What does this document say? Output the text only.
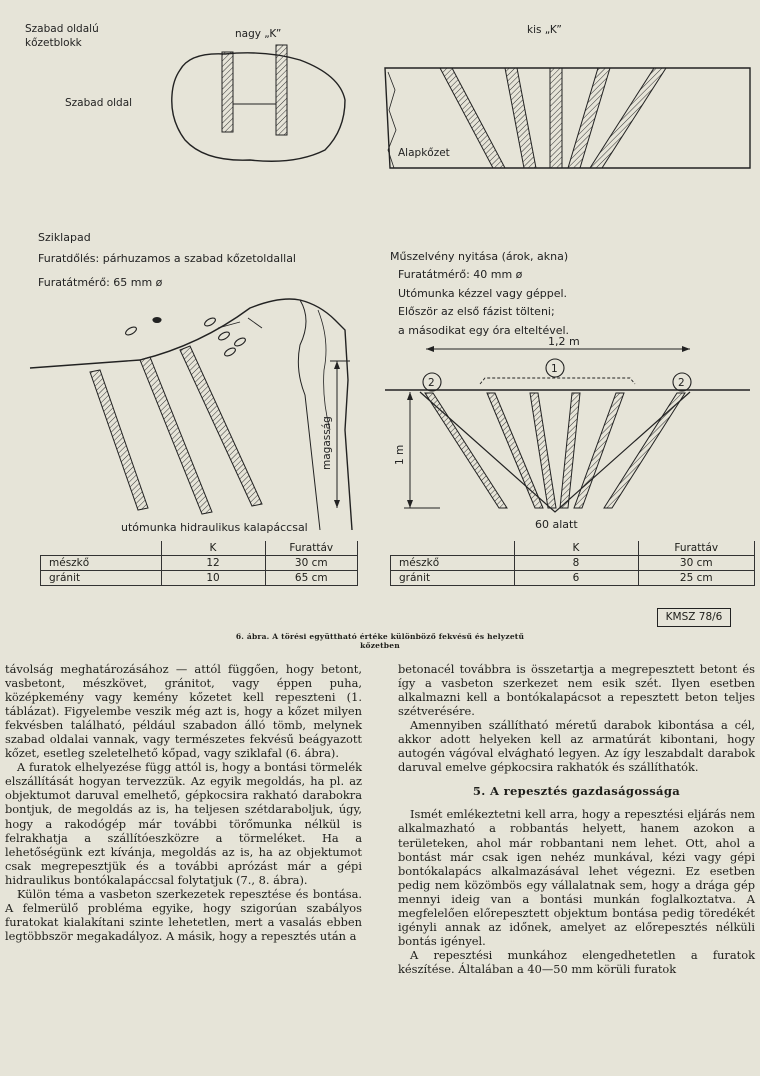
Szabad oldalú
kőzetblokk
Szabad oldal
nagy „K”	kis „K”
Alapkőzet
Sziklapad
Furatdőlés: párhuzamos a szabad kőzetoldallal
Furatátmérő: 65 mm ø
magasság
utómunka hidraulikus kalapáccsal
Műszelvény nyitása (árok, akna)
Furatátmérő: 40 mm ø
Utómunka kézzel vagy géppel.
Először az első fázist tölteni;
a másodikat egy óra elteltével.
1,2 m
1
2	2
1 m
60 alatt
	K	Furattáv
mészkő	12	30 cm
gránit	10	65 cm
	K	Furattáv
mészkő	8	30 cm
gránit	6	25 cm
KMSZ 78/6
6. ábra. A törési együttható értéke különböző fekvésű és helyzetű
kőzetben

távolság meghatározásához — attól függően, hogy betont, vasbetont, mészkövet, gránitot, vagy éppen puha, középkemény vagy kemény kőzetet kell repeszteni (1. táblázat). Figyelembe veszik még azt is, hogy a kőzet milyen fekvésben található, például szabadon álló tömb, melynek szabad oldalai vannak, vagy természetes fekvésű beágyazott kőzet, esetleg szeletelhető kőpad, vagy sziklafal (6. ábra).

A furatok elhelyezése függ attól is, hogy a bontási törmelék elszállítását hogyan tervezzük. Az egyik megoldás, ha pl. az objektumot daruval emelhető, gépkocsira rakható darabokra bontjuk, de megoldás az is, ha teljesen szétdaraboljuk, úgy, hogy a rakodógép már további törőmunka nélkül is felrakhatja a szállítóeszközre a törmeléket. Ha a lehetőségünk ezt kívánja, megoldás az is, ha az objektumot csak megrepesztjük és a további aprózást már a gépi hidraulikus bontókalapáccsal folytatjuk (7., 8. ábra).

Külön téma a vasbeton szerkezetek repesztése és bontása. A felmerülő probléma egyike, hogy szigorúan szabályos furatokat kialakítani szinte lehetetlen, mert a vasalás ebben legtöbbször megakadályoz. A másik, hogy a repesztés után a

betonacél továbbra is összetartja a megrepesztett betont és így a vasbeton szerkezet nem esik szét. Ilyen esetben alkalmazni kell a bontókalapácsot a repesztett beton teljes szétverésére.

Amennyiben szállítható méretű darabok kibontása a cél, akkor adott helyeken kell az armatúrát kibontani, hogy autogén vágóval elvágható legyen. Az így leszabdalt darabok daruval emelve gépkocsira rakhatók és szállíthatók.

5. A repesztés gazdaságossága

Ismét emlékeztetni kell arra, hogy a repesztési eljárás nem alkalmazható a robbantás helyett, hanem azokon a területeken, ahol már robbantani nem lehet. Ott, ahol a bontást már csak igen nehéz munkával, kézi vagy gépi bontókalapács alkalmazásával lehet végezni. Ez esetben pedig nem közömbös egy vállalatnak sem, hogy a drága gép mennyi ideig van a bontási munkán foglalkoztatva. A megfelelően előrepesztett objektum bontása pedig töredékét igényli annak az időnek, amelyet az előrepesztés nélküli bontás igényel.

A repesztési munkához elengedhetetlen a furatok készítése. Általában a 40—50 mm körüli furatok
